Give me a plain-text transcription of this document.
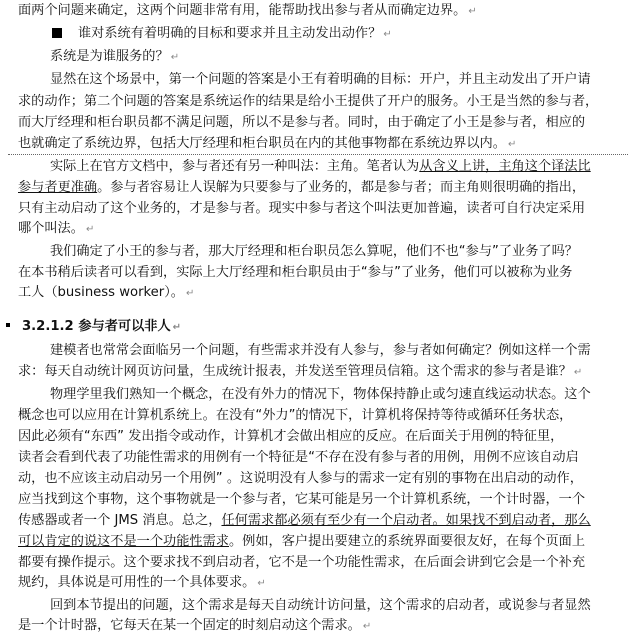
面两个问题来确定，这两个问题非常有用，能帮助找出参与者从而确定边界。 ↵
谁对系统有着明确的目标和要求并且主动发出动作？ ↵
系统是为谁服务的？ ↵
显然在这个场景中，第一个问题的答案是小王有着明确的目标：开户，并且主动发出了开户请
求的动作；第二个问题的答案是系统运作的结果是给小王提供了开户的服务。小王是当然的参与者，
而大厅经理和柜台职员都不满足问题，所以不是参与者。同时，由于确定了小王是参与者，相应的
也就确定了系统边界，包括大厅经理和柜台职员在内的其他事物都在系统边界以内。 ↵
实际上在官方文档中，参与者还有另一种叫法：主角。笔者认为从含义上讲，主角这个译法比
参与者更准确。参与者容易让人误解为只要参与了业务的，都是参与者；而主角则很明确的指出，
只有主动启动了这个业务的，才是参与者。现实中参与者这个叫法更加普遍，读者可自行决定采用
哪个叫法。 ↵
我们确定了小王的参与者，那大厅经理和柜台职员怎么算呢，他们不也“参与”了业务了吗？
在本书稍后读者可以看到，实际上大厅经理和柜台职员由于“参与”了业务，他们可以被称为业务
工人（business worker）。 ↵
3.2.1.2 参与者可以非人 ↵
建模者也常常会面临另一个问题，有些需求并没有人参与，参与者如何确定？例如这样一个需
求：每天自动统计网页访问量，生成统计报表，并发送至管理员信箱。这个需求的参与者是谁？ ↵
物理学里我们熟知一个概念，在没有外力的情况下，物体保持静止或匀速直线运动状态。这个
概念也可以应用在计算机系统上。在没有“外力”的情况下，计算机将保持等待或循环任务状态，
因此必须有“东西” 发出指令或动作，计算机才会做出相应的反应。在后面关于用例的特征里，
读者会看到代表了功能性需求的用例有一个特征是“不存在没有参与者的用例，用例不应该自动启
动，也不应该主动启动另一个用例” 。这说明没有人参与的需求一定有别的事物在出启动的动作，
应当找到这个事物，这个事物就是一个参与者，它某可能是另一个计算机系统，一个计时器，一个
传感器或者一个 JMS 消息。总之，任何需求都必须有至少有一个启动者。如果找不到启动者，那么
可以肯定的说这不是一个功能性需求。例如，客户提出要建立的系统界面要很友好，在每个页面上
都要有操作提示。这个要求找不到启动者，它不是一个功能性需求，在后面会讲到它会是一个补充
规约，具体说是可用性的一个具体要求。 ↵
回到本节提出的问题，这个需求是每天自动统计访问量，这个需求的启动者，或说参与者显然
是一个计时器，它每天在某一个固定的时刻启动这个需求。 ↵
